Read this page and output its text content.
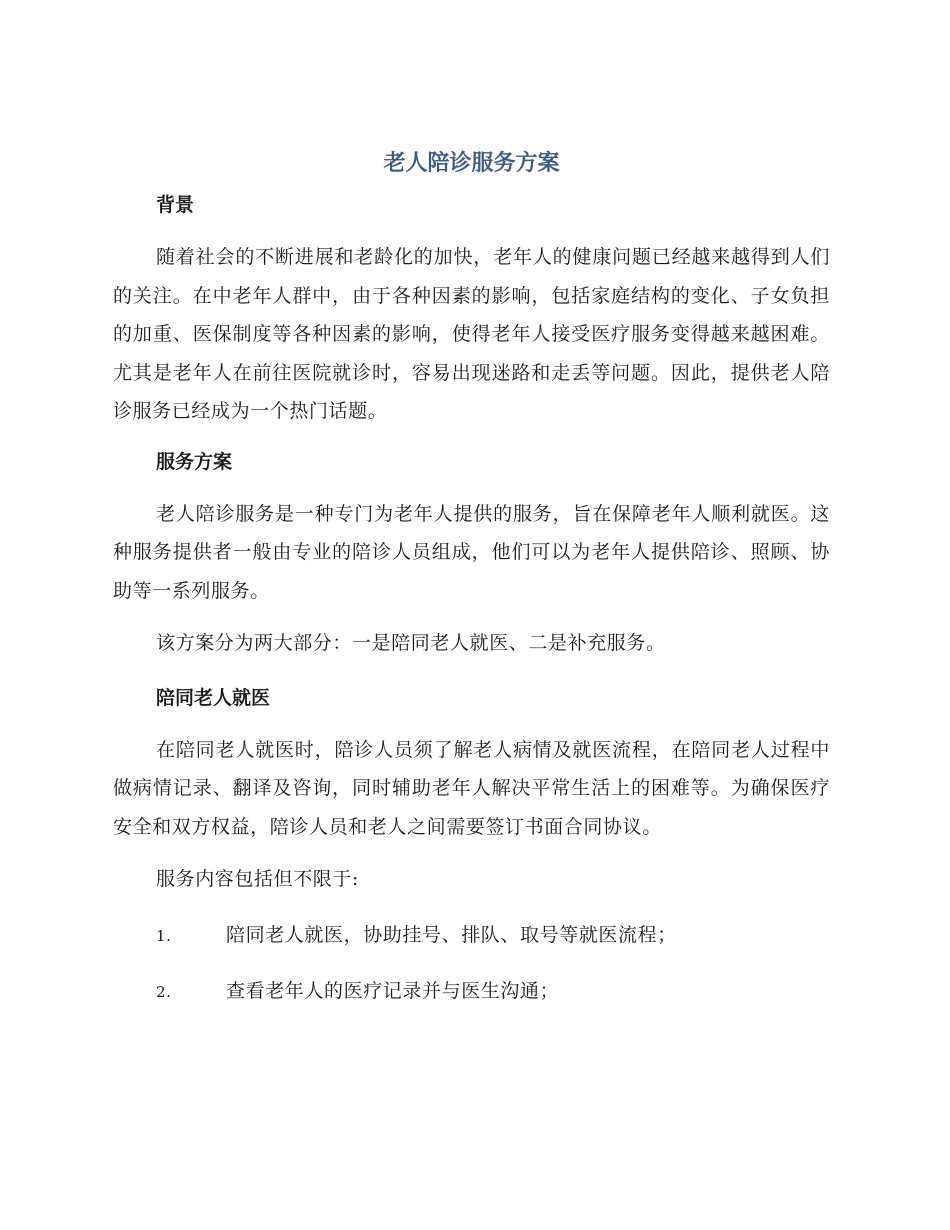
老人陪诊服务方案
背景

随着社会的不断进展和老龄化的加快，老年人的健康问题已经越来越得到人们的关注。在中老年人群中，由于各种因素的影响，包括家庭结构的变化、子女负担的加重、医保制度等各种因素的影响，使得老年人接受医疗服务变得越来越困难。尤其是老年人在前往医院就诊时，容易出现迷路和走丢等问题。因此，提供老人陪诊服务已经成为一个热门话题。

服务方案

老人陪诊服务是一种专门为老年人提供的服务，旨在保障老年人顺利就医。这种服务提供者一般由专业的陪诊人员组成，他们可以为老年人提供陪诊、照顾、协助等一系列服务。

该方案分为两大部分：一是陪同老人就医、二是补充服务。

陪同老人就医

在陪同老人就医时，陪诊人员须了解老人病情及就医流程，在陪同老人过程中做病情记录、翻译及咨询，同时辅助老年人解决平常生活上的困难等。为确保医疗安全和双方权益，陪诊人员和老人之间需要签订书面合同协议。

服务内容包括但不限于:

1.	陪同老人就医，协助挂号、排队、取号等就医流程；
2.	查看老年人的医疗记录并与医生沟通；
